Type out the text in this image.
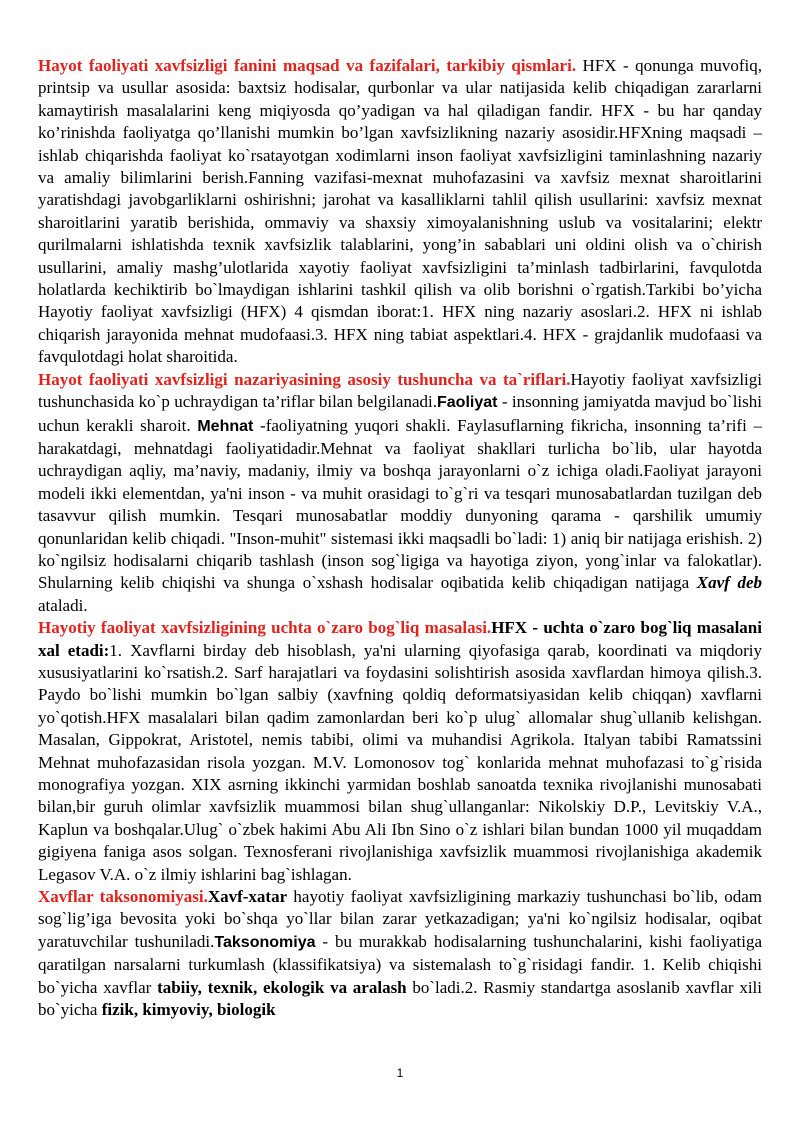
Hayot faoliyati xavfsizligi fanini maqsad va fazifalari, tarkibiy qismlari. HFX - qonunga muvofiq, printsip va usullar asosida: baxtsiz hodisalar, qurbonlar va ular natijasida kelib chiqadigan zararlarni kamaytirish masalalarini keng miqiyosda qo’yadigan va hal qiladigan fandir. HFX - bu har qanday ko’rinishda faoliyatga qo’llanishi mumkin bo’lgan xavfsizlikning nazariy asosidir.HFXning maqsadi – ishlab chiqarishda faoliyat ko`rsatayotgan xodimlarni inson faoliyat xavfsizligini taminlashning nazariy va amaliy bilimlarini berish.Fanning vazifasi-mexnat muhofazasini va xavfsiz mexnat sharoitlarini yaratishdagi javobgarliklarni oshirishni; jarohat va kasalliklarni tahlil qilish usullarini: xavfsiz mexnat sharoitlarini yaratib berishida, ommaviy va shaxsiy ximoyalanishning uslub va vositalarini; elektr qurilmalarni ishlatishda texnik xavfsizlik talablarini, yong’in sabablari uni oldini olish va o`chirish usullarini, amaliy mashg’ulotlarida xayotiy faoliyat xavfsizligini ta’minlash tadbirlarini, favqulotda holatlarda kechiktirib bo`lmaydigan ishlarini tashkil qilish va olib borishni o`rgatish.Tarkibi bo’yicha Hayotiy faoliyat xavfsizligi (HFX) 4 qismdan iborat:1. HFX ning nazariy asoslari.2. HFX ni ishlab chiqarish jarayonida mehnat mudofaasi.3. HFX ning tabiat aspektlari.4. HFX - grajdanlik mudofaasi va favqulotdagi holat sharoitida.

Hayot faoliyati xavfsizligi nazariyasining asosiy tushuncha va ta`riflari.Hayotiy faoliyat xavfsizligi tushunchasida ko`p uchraydigan ta’riflar bilan belgilanadi.Faoliyat - insonning jamiyatda mavjud bo`lishi uchun kerakli sharoit. Mehnat -faoliyatning yuqori shakli. Faylasuflarning fikricha, insonning ta’rifi – harakatdagi, mehnatdagi faoliyatidadir.Mehnat va faoliyat shakllari turlicha bo`lib, ular hayotda uchraydigan aqliy, ma’naviy, madaniy, ilmiy va boshqa jarayonlarni o`z ichiga oladi.Faoliyat jarayoni modeli ikki elementdan, ya'ni inson - va muhit orasidagi to`g`ri va tesqari munosabatlardan tuzilgan deb tasavvur qilish mumkin. Tesqari munosabatlar moddiy dunyoning qarama - qarshilik umumiy qonunlaridan kelib chiqadi. "Inson-muhit" sistemasi ikki maqsadli bo`ladi: 1) aniq bir natijaga erishish. 2) ko`ngilsiz hodisalarni chiqarib tashlash (inson sog`ligiga va hayotiga ziyon, yong`inlar va falokatlar). Shularning kelib chiqishi va shunga o`xshash hodisalar oqibatida kelib chiqadigan natijaga Xavf deb ataladi.

Hayotiy faoliyat xavfsizligining uchta o`zaro bog`liq masalasi.HFX - uchta o`zaro bog`liq masalani xal etadi:1. Xavflarni birday deb hisoblash, ya'ni ularning qiyofasiga qarab, koordinati va miqdoriy xususiyatlarini ko`rsatish.2. Sarf harajatlari va foydasini solishtirish asosida xavflardan himoya qilish.3. Paydo bo`lishi mumkin bo`lgan salbiy (xavfning qoldiq deformatsiyasidan kelib chiqqan) xavflarni yo`qotish.HFX masalalari bilan qadim zamonlardan beri ko`p ulug` allomalar shug`ullanib kelishgan. Masalan, Gippokrat, Aristotel, nemis tabibi, olimi va muhandisi Agrikola. Italyan tabibi Ramatssini Mehnat muhofazasidan risola yozgan. M.V. Lomonosov tog` konlarida mehnat muhofazasi to`g`risida monografiya yozgan. XIX asrning ikkinchi yarmidan boshlab sanoatda texnika rivojlanishi munosabati bilan,bir guruh olimlar xavfsizlik muammosi bilan shug`ullanganlar: Nikolskiy D.P., Levitskiy V.A., Kaplun va boshqalar.Ulug` o`zbek hakimi Abu Ali Ibn Sino o`z ishlari bilan bundan 1000 yil muqaddam gigiyena faniga asos solgan. Texnosferani rivojlanishiga xavfsizlik muammosi rivojlanishiga akademik Legasov V.A. o`z ilmiy ishlarini bag`ishlagan.

Xavflar taksonomiyasi.Xavf-xatar hayotiy faoliyat xavfsizligining markaziy tushunchasi bo`lib, odam sog`lig’iga bevosita yoki bo`shqa yo`llar bilan zarar yetkazadigan; ya'ni ko`ngilsiz hodisalar, oqibat yaratuvchilar tushuniladi.Taksonomiya - bu murakkab hodisalarning tushunchalarini, kishi faoliyatiga qaratilgan narsalarni turkumlash (klassifikatsiya) va sistemalash to`g`risidagi fandir. 1. Kelib chiqishi bo`yicha xavflar tabiiy, texnik, ekologik va aralash bo`ladi.2. Rasmiy standartga asoslanib xavflar xili bo`yicha fizik, kimyoviy, biologik

1
